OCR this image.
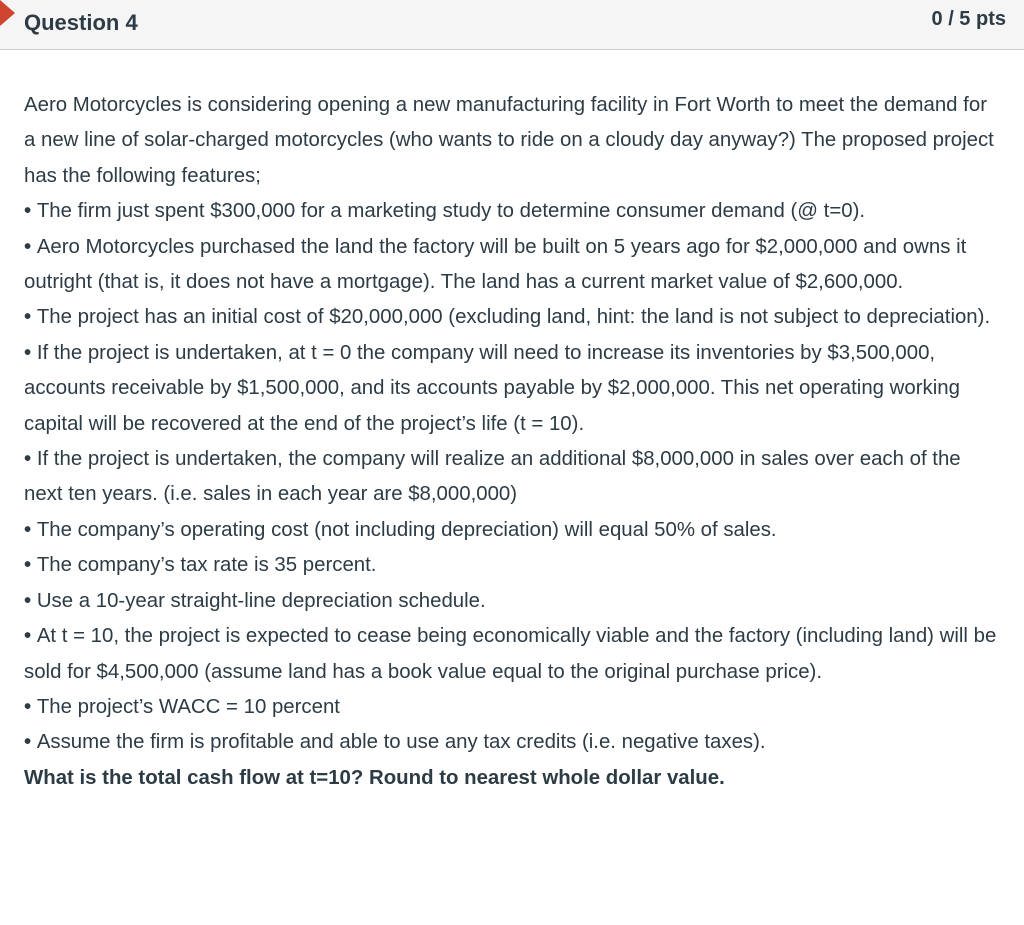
Question 4	0 / 5 pts

Aero Motorcycles is considering opening a new manufacturing facility in Fort Worth to meet the demand for a new line of solar-charged motorcycles (who wants to ride on a cloudy day anyway?) The proposed project has the following features;

• The firm just spent $300,000 for a marketing study to determine consumer demand (@ t=0).

• Aero Motorcycles purchased the land the factory will be built on 5 years ago for $2,000,000 and owns it outright (that is, it does not have a mortgage). The land has a current market value of $2,600,000.

• The project has an initial cost of $20,000,000 (excluding land, hint: the land is not subject to depreciation).

• If the project is undertaken, at t = 0 the company will need to increase its inventories by $3,500,000, accounts receivable by $1,500,000, and its accounts payable by $2,000,000. This net operating working capital will be recovered at the end of the project’s life (t = 10).

• If the project is undertaken, the company will realize an additional $8,000,000 in sales over each of the next ten years. (i.e. sales in each year are $8,000,000)

• The company’s operating cost (not including depreciation) will equal 50% of sales.

• The company’s tax rate is 35 percent.

• Use a 10-year straight-line depreciation schedule.

• At t = 10, the project is expected to cease being economically viable and the factory (including land) will be sold for $4,500,000 (assume land has a book value equal to the original purchase price).

• The project’s WACC = 10 percent

• Assume the firm is profitable and able to use any tax credits (i.e. negative taxes).

What is the total cash flow at t=10? Round to nearest whole dollar value.
